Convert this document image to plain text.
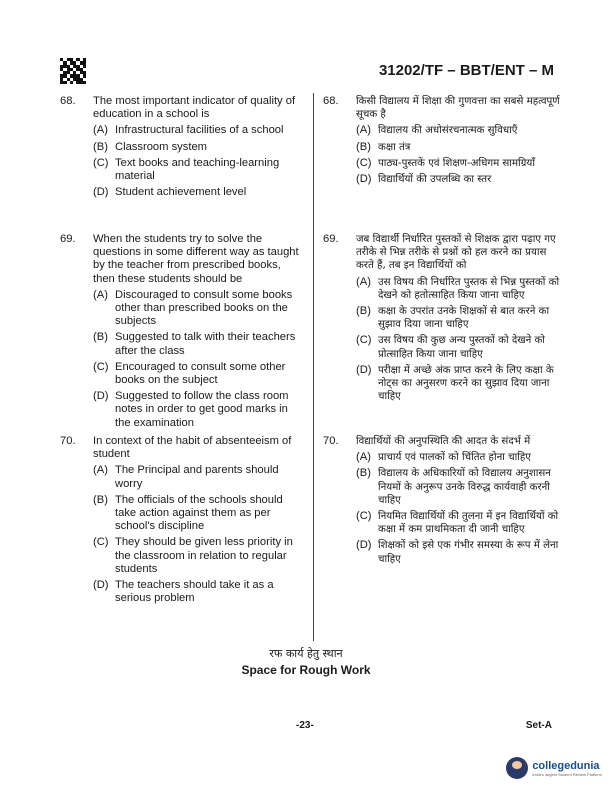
31202/TF – BBT/ENT – M
68.	The most important indicator of quality of education in a school is
(A) Infrastructural facilities of a school
(B) Classroom system
(C) Text books and teaching-learning material
(D) Student achievement level
69.	When the students try to solve the questions in some different way as taught by the teacher from prescribed books, then these students should be
(A) Discouraged to consult some books other than prescribed books on the subjects
(B) Suggested to talk with their teachers after the class
(C) Encouraged to consult some other books on the subject
(D) Suggested to follow the class room notes in order to get good marks in the examination
70.	In context of the habit of absenteeism of student
(A) The Principal and parents should worry
(B) The officials of the schools should take action against them as per school's discipline
(C) They should be given less priority in the classroom in relation to regular students
(D) The teachers should take it as a serious problem
68.	किसी विद्यालय में शिक्षा की गुणवत्ता का सबसे महत्वपूर्ण सूचक है
(A) विद्यालय की अधोसंरचनात्मक सुविधाएँ
(B) कक्षा तंत्र
(C) पाठ्य-पुस्तकें एवं शिक्षण-अधिगम सामग्रियाँ
(D) विद्यार्थियों की उपलब्धि का स्तर
69.	जब विद्यार्थी निर्धारित पुस्तकों से शिक्षक द्वारा पढ़ाए गए तरीके से भिन्न तरीके से प्रश्नों को हल करने का प्रयास करते हैं, तब इन विद्यार्थियों को
(A) उस विषय की निर्धारित पुस्तक से भिन्न पुस्तकों को देखने को हतोत्साहित किया जाना चाहिए
(B) कक्षा के उपरांत उनके शिक्षकों से बात करने का सुझाव दिया जाना चाहिए
(C) उस विषय की कुछ अन्य पुस्तकों को देखने को प्रोत्साहित किया जाना चाहिए
(D) परीक्षा में अच्छे अंक प्राप्त करने के लिए कक्षा के नोट्स का अनुसरण करने का सुझाव दिया जाना चाहिए
70.	विद्यार्थियों की अनुपस्थिति की आदत के संदर्भ में
(A) प्राचार्य एवं पालकों को चिंतित होना चाहिए
(B) विद्यालय के अधिकारियों को विद्यालय अनुशासन नियमों के अनुरूप उनके विरुद्ध कार्यवाही करनी चाहिए
(C) नियमित विद्यार्थियों की तुलना में इन विद्यार्थियों को कक्षा में कम प्राथमिकता दी जानी चाहिए
(D) शिक्षकों को इसे एक गंभीर समस्या के रूप में लेना चाहिए
रफ कार्य हेतु स्थान
Space for Rough Work
-23-	Set-A
collegedunia
India's largest Student Review Platform
